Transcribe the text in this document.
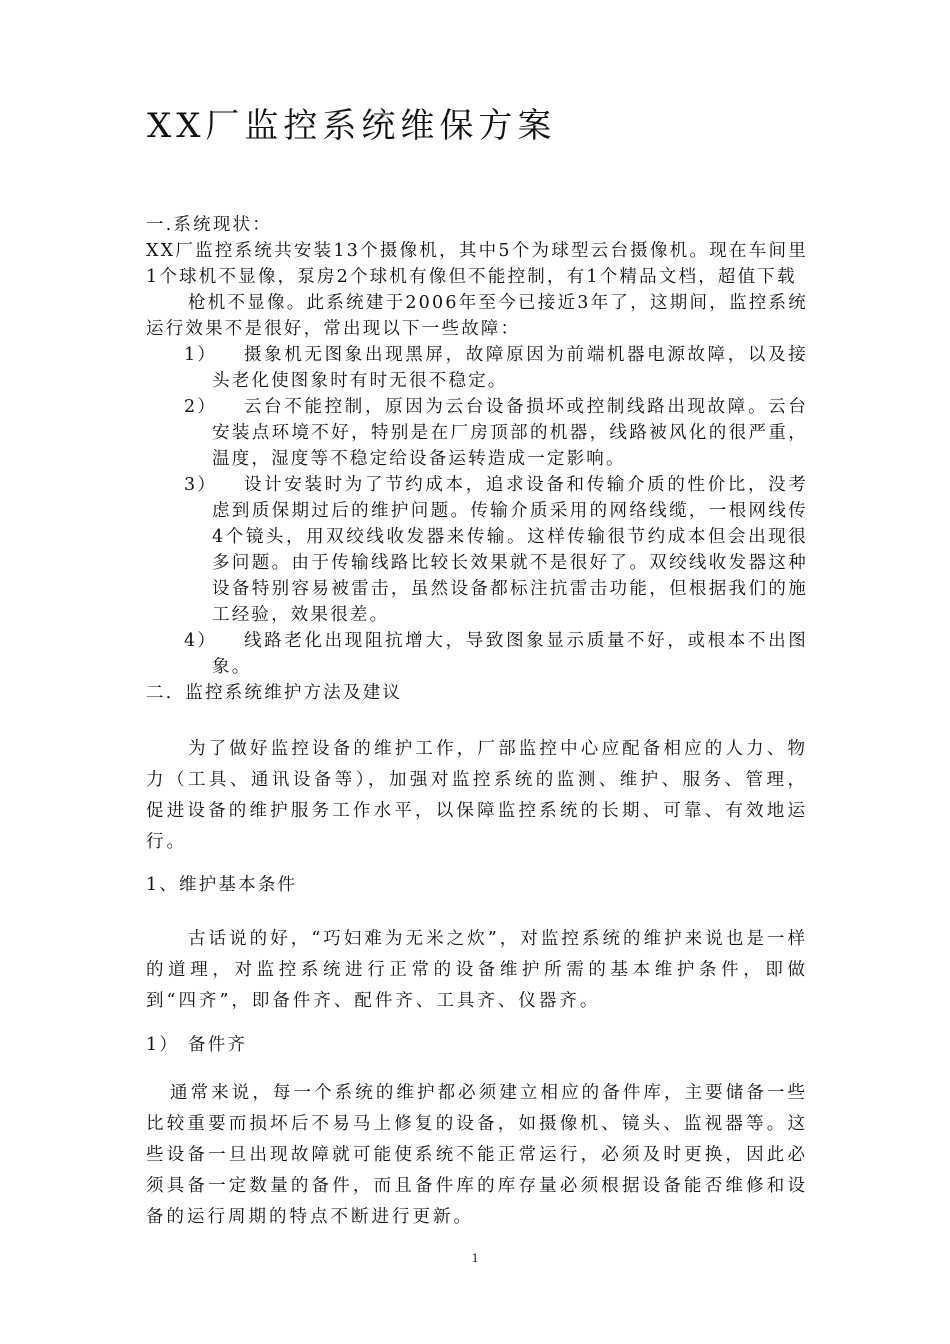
XX厂监控系统维保方案

一.系统现状：

XX厂监控系统共安装13个摄像机，其中5个为球型云台摄像机。现在车间里1个球机不显像，泵房2个球机有像但不能控制，有1个精品文档，超值下载

枪机不显像。此系统建于2006年至今已接近3年了，这期间，监控系统运行效果不是很好，常出现以下一些故障：

1）	摄象机无图象出现黑屏，故障原因为前端机器电源故障，以及接头老化使图象时有时无很不稳定。
2）	云台不能控制，原因为云台设备损坏或控制线路出现故障。云台安装点环境不好，特别是在厂房顶部的机器，线路被风化的很严重，温度，湿度等不稳定给设备运转造成一定影响。
3）	设计安装时为了节约成本，追求设备和传输介质的性价比，没考虑到质保期过后的维护问题。传输介质采用的网络线缆，一根网线传4个镜头，用双绞线收发器来传输。这样传输很节约成本但会出现很多问题。由于传输线路比较长效果就不是很好了。双绞线收发器这种设备特别容易被雷击，虽然设备都标注抗雷击功能，但根据我们的施工经验，效果很差。
4）	线路老化出现阻抗增大，导致图象显示质量不好，或根本不出图象。

二．监控系统维护方法及建议

为了做好监控设备的维护工作，厂部监控中心应配备相应的人力、物力（工具、通讯设备等），加强对监控系统的监测、维护、服务、管理，促进设备的维护服务工作水平，以保障监控系统的长期、可靠、有效地运行。

1、维护基本条件

古话说的好，“巧妇难为无米之炊”，对监控系统的维护来说也是一样的道理，对监控系统进行正常的设备维护所需的基本维护条件，即做到“四齐”，即备件齐、配件齐、工具齐、仪器齐。

1） 备件齐

通常来说，每一个系统的维护都必须建立相应的备件库，主要储备一些比较重要而损坏后不易马上修复的设备，如摄像机、镜头、监视器等。这些设备一旦出现故障就可能使系统不能正常运行，必须及时更换，因此必须具备一定数量的备件，而且备件库的库存量必须根据设备能否维修和设备的运行周期的特点不断进行更新。

1
